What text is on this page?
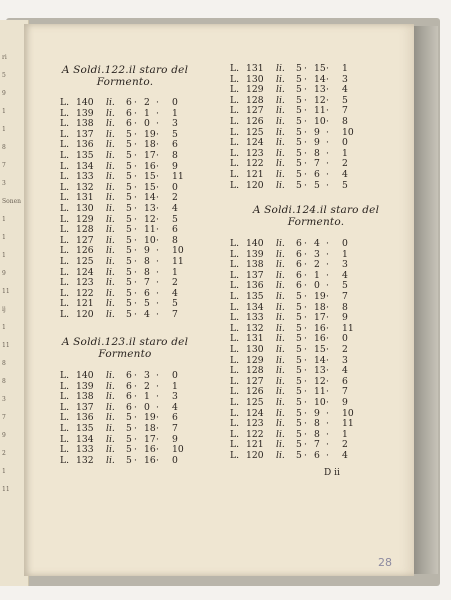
ri
5
9
1
1
8
7
3
Sonen
1
1
1
9
11
ij
1
11
8
8
3
7
9
2
1
11
A Soldi.122.il staro del
Formento.
L. 140 li. 6 2 0
· ·
L. 139 li. 6 1 1
· ·
L. 138 li. 6 0 3
· ·
L. 137 li. 5 19 5
· ·
L. 136 li. 5 18 6
· ·
L. 135 li. 5 17 8
· ·
L. 134 li. 5 16 9
· ·
L. 133 li. 5 15 11
· ·
L. 132 li. 5 15 0
· ·
L. 131 li. 5 14 2
· ·
L. 130 li. 5 13 4
· ·
L. 129 li. 5 12 5
· ·
L. 128 li. 5 11 6
· ·
L. 127 li. 5 10 8
· ·
L. 126 li. 5 9 10
· ·
L. 125 li. 5 8 11
· ·
L. 124 li. 5 8 1
· ·
L. 123 li. 5 7 2
· ·
L. 122 li. 5 6 4
· ·
L. 121 li. 5 5 5
· ·
L. 120 li. 5 4 7
· ·
A Soldi.123.il staro del
Formento
L. 140 li. 6 3 0
· ·
L. 139 li. 6 2 1
· ·
L. 138 li. 6 1 3
· ·
L. 137 li. 6 0 4
· ·
L. 136 li. 5 19 6
· ·
L. 135 li. 5 18 7
· ·
L. 134 li. 5 17 9
· ·
L. 133 li. 5 16 10
· ·
L. 132 li. 5 16 0
· ·
L. 131 li. 5 15 1
· ·
L. 130 li. 5 14 3
· ·
L. 129 li. 5 13 4
· ·
L. 128 li. 5 12 5
· ·
L. 127 li. 5 11 7
· ·
L. 126 li. 5 10 8
· ·
L. 125 li. 5 9 10
· ·
L. 124 li. 5 9 0
· ·
L. 123 li. 5 8 1
· ·
L. 122 li. 5 7 2
· ·
L. 121 li. 5 6 4
· ·
L. 120 li. 5 5 5
· ·
A Soldi.124.il staro del
Formento.
L. 140 li. 6 4 0
· ·
L. 139 li. 6 3 1
· ·
L. 138 li. 6 2 3
· ·
L. 137 li. 6 1 4
· ·
L. 136 li. 6 0 5
· ·
L. 135 li. 5 19 7
· ·
L. 134 li. 5 18 8
· ·
L. 133 li. 5 17 9
· ·
L. 132 li. 5 16 11
· ·
L. 131 li. 5 16 0
· ·
L. 130 li. 5 15 2
· ·
L. 129 li. 5 14 3
· ·
L. 128 li. 5 13 4
· ·
L. 127 li. 5 12 6
· ·
L. 126 li. 5 11 7
· ·
L. 125 li. 5 10 9
· ·
L. 124 li. 5 9 10
· ·
L. 123 li. 5 8 11
· ·
L. 122 li. 5 8 1
· ·
L. 121 li. 5 7 2
· ·
L. 120 li. 5 6 4
· ·
D ii
28
